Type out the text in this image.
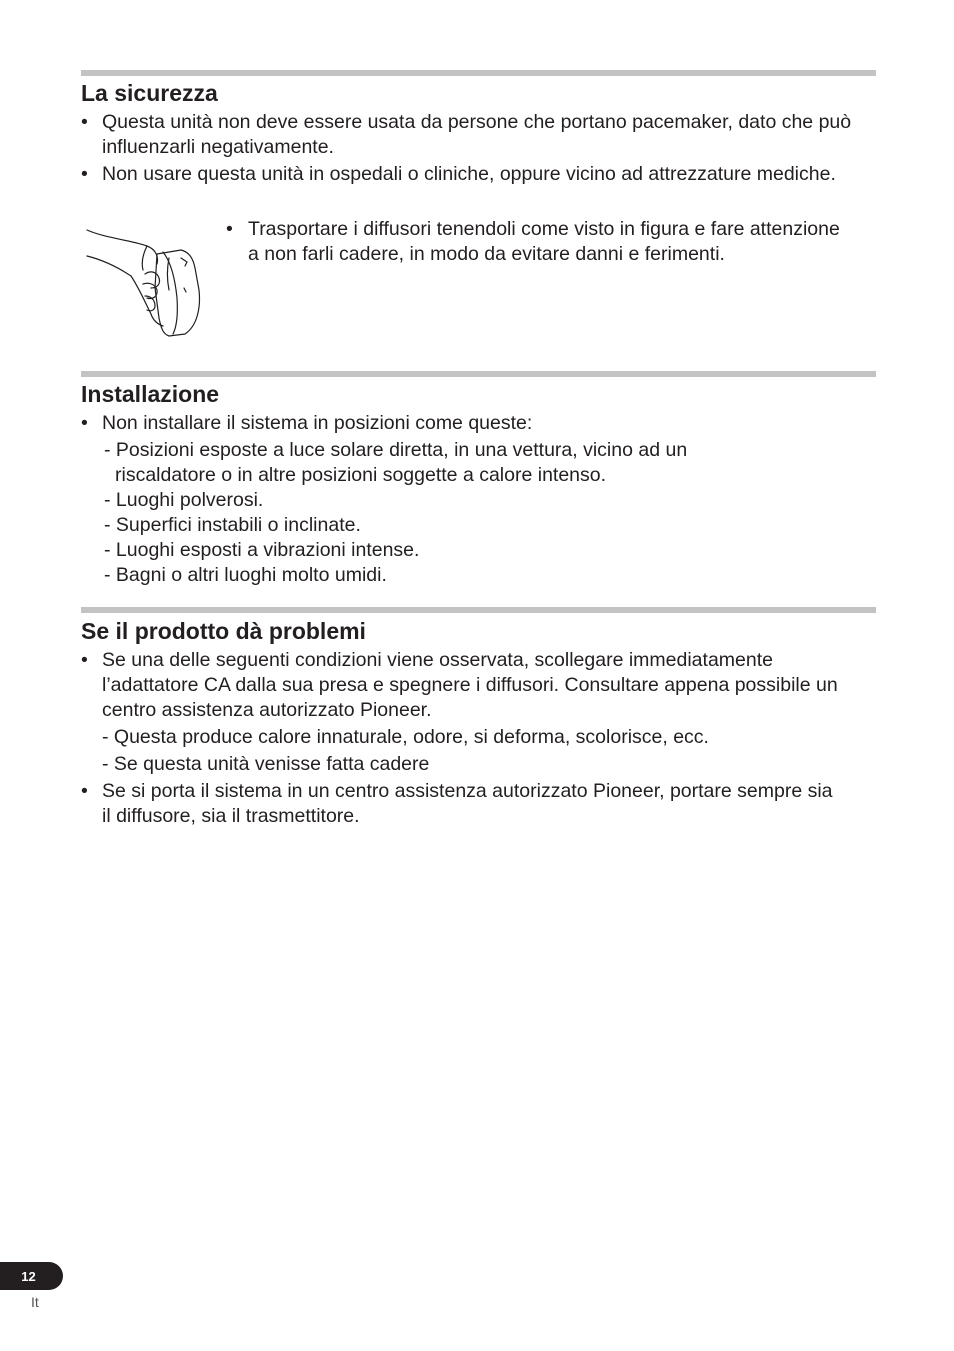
La sicurezza
• Questa unità non deve essere usata da persone che portano pacemaker, dato che può influenzarli negativamente.
• Non usare questa unità in ospedali o cliniche, oppure vicino ad attrezzature mediche.
• Trasportare i diffusori tenendoli come visto in figura e fare attenzione a non farli cadere, in modo da evitare danni e ferimenti.
Installazione
• Non installare il sistema in posizioni come queste:
- Posizioni esposte a luce solare diretta, in una vettura, vicino ad un
riscaldatore o in altre posizioni soggette a calore intenso.
- Luoghi polverosi.
- Superfici instabili o inclinate.
- Luoghi esposti a vibrazioni intense.
- Bagni o altri luoghi molto umidi.
Se il prodotto dà problemi
• Se una delle seguenti condizioni viene osservata, scollegare immediatamente l’adattatore CA dalla sua presa e spegnere i diffusori. Consultare appena possibile un centro assistenza autorizzato Pioneer.
- Questa produce calore innaturale, odore, si deforma, scolorisce, ecc.
- Se questa unità venisse fatta cadere
• Se si porta il sistema in un centro assistenza autorizzato Pioneer, portare sempre sia il diffusore, sia il trasmettitore.
12
It
